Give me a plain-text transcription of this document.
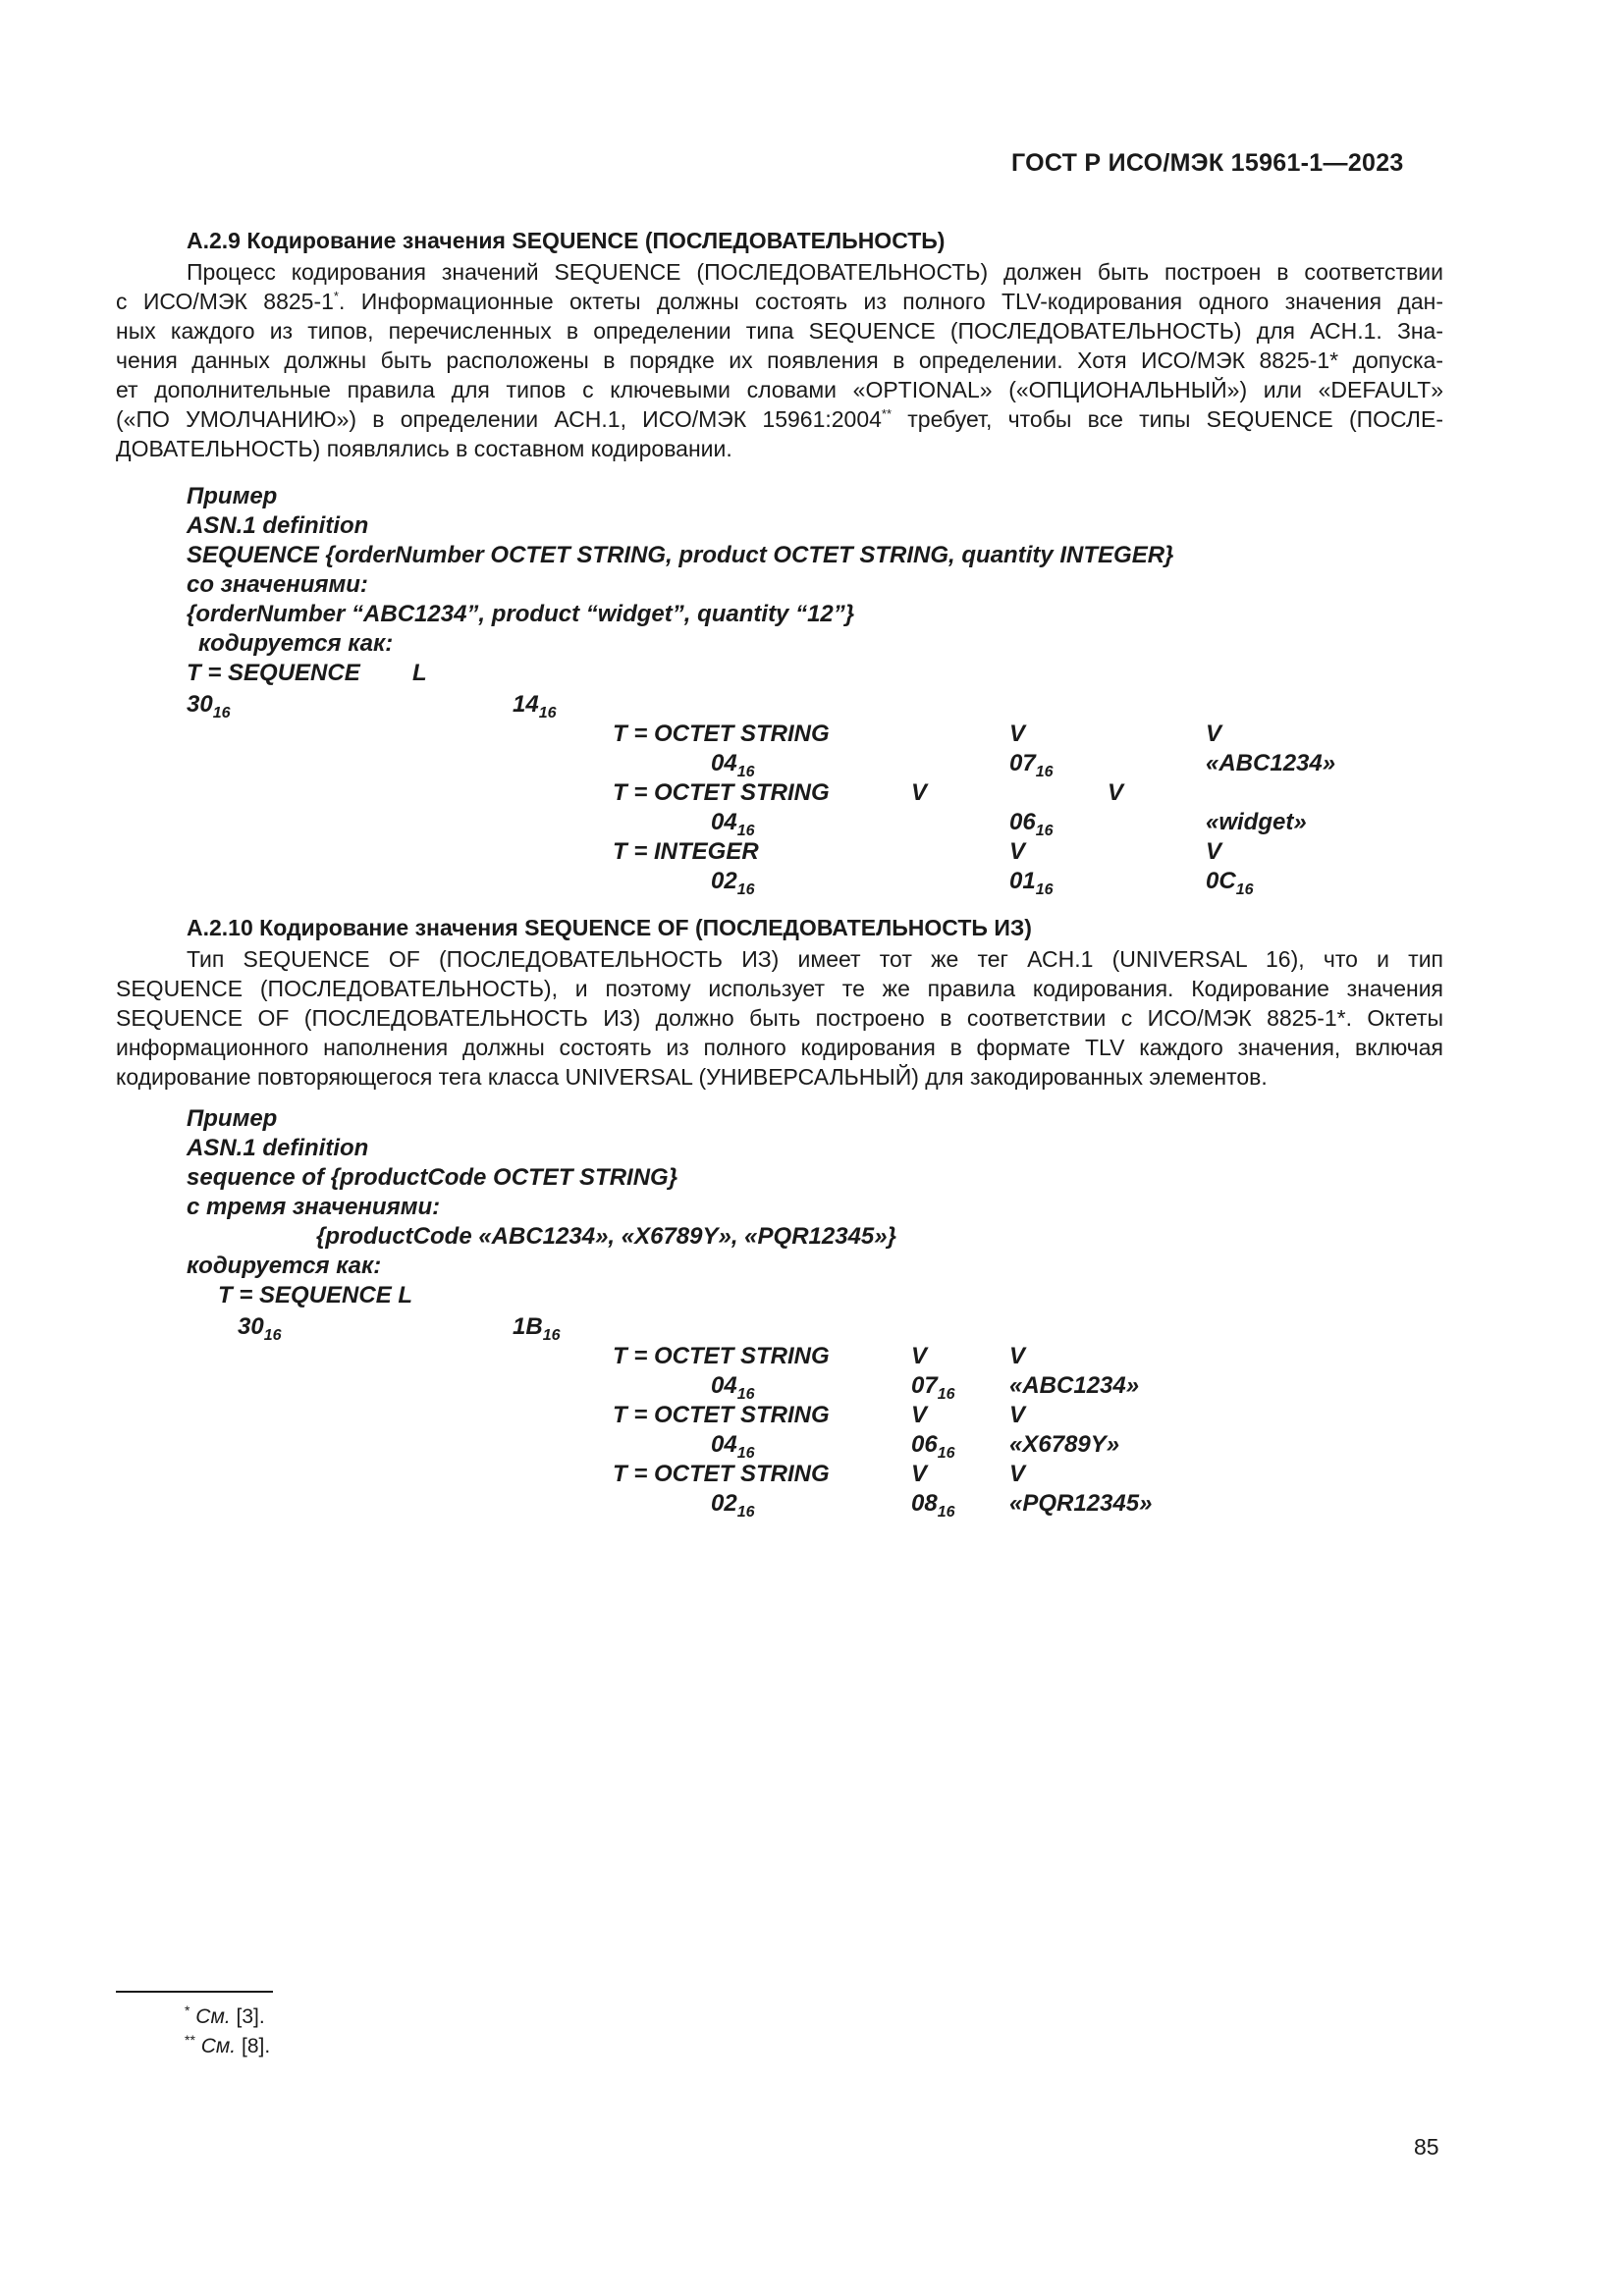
ГОСТ Р ИСО/МЭК 15961-1—2023
А.2.9 Кодирование значения SEQUENCE (ПОСЛЕДОВАТЕЛЬНОСТЬ)
Процесс кодирования значений SEQUENCE (ПОСЛЕДОВАТЕЛЬНОСТЬ) должен быть построен в соответствии
с ИСО/МЭК 8825-1*. Информационные октеты должны состоять из полного TLV-кодирования одного значения дан-
ных каждого из типов, перечисленных в определении типа SEQUENCE (ПОСЛЕДОВАТЕЛЬНОСТЬ) для АСН.1. Зна-
чения данных должны быть расположены в порядке их появления в определении. Хотя ИСО/МЭК 8825-1* допуска-
ет дополнительные правила для типов с ключевыми словами «OPTIONAL» («ОПЦИОНАЛЬНЫЙ») или «DEFAULT»
(«ПО УМОЛЧАНИЮ») в определении АСН.1, ИСО/МЭК 15961:2004** требует, чтобы все типы SEQUENCE (ПОСЛЕ-
ДОВАТЕЛЬНОСТЬ) появлялись в составном кодировании.
Пример
ASN.1 definition
SEQUENCE {orderNumber OCTET STRING, product OCTET STRING, quantity INTEGER}
со значениями:
{orderNumber “ABC1234”, product “widget”, quantity “12”}
кодируется как:
T = SEQUENCE L
$30_{16}$	$14_{16}$
T = OCTET STRING	V	V
$04_{16}$	$07_{16}$	«ABC1234»
T = OCTET STRING	V	V
$04_{16}$	$06_{16}$	«widget»
T = INTEGER	V	V
$02_{16}$	$01_{16}$	$0C_{16}$
А.2.10 Кодирование значения SEQUENCE OF (ПОСЛЕДОВАТЕЛЬНОСТЬ ИЗ)
Тип SEQUENCE OF (ПОСЛЕДОВАТЕЛЬНОСТЬ ИЗ) имеет тот же тег АСН.1 (UNIVERSAL 16), что и тип
SEQUENCE (ПОСЛЕДОВАТЕЛЬНОСТЬ), и поэтому использует те же правила кодирования. Кодирование значения
SEQUENCE OF (ПОСЛЕДОВАТЕЛЬНОСТЬ ИЗ) должно быть построено в соответствии с ИСО/МЭК 8825-1*. Октеты
информационного наполнения должны состоять из полного кодирования в формате TLV каждого значения, включая
кодирование повторяющегося тега класса UNIVERSAL (УНИВЕРСАЛЬНЫЙ) для закодированных элементов.
Пример
ASN.1 definition
sequence of {productCode OCTET STRING}
с тремя значениями:
{productCode «ABC1234», «X6789Y», «PQR12345»}
кодируется как:
T = SEQUENCE L
$30_{16}$	$1B_{16}$
T = OCTET STRING	V	V
$04_{16}$	$07_{16}$ «ABC1234»
T = OCTET STRING	V	V
$04_{16}$	$06_{16}$ «X6789Y»
T = OCTET STRING	V	V
$02_{16}$	$08_{16}$ «PQR12345»
* См. [3].
** См. [8].
85
